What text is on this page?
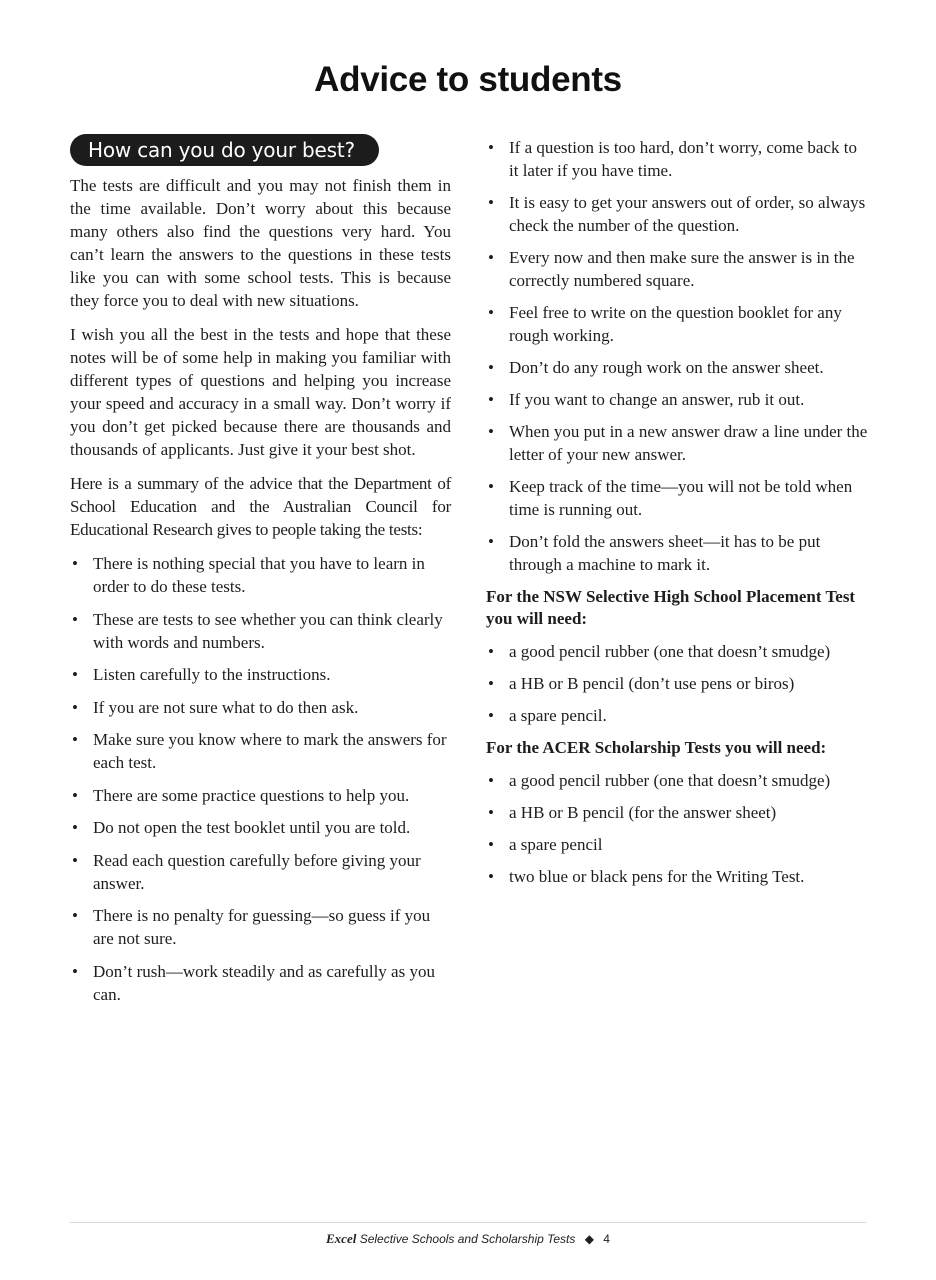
Advice to students
How can you do your best?

The tests are difficult and you may not finish them in the time available. Don’t worry about this because many others also find the questions very hard. You can’t learn the answers to the questions in these tests like you can with some school tests. This is because they force you to deal with new situations.

I wish you all the best in the tests and hope that these notes will be of some help in making you familiar with different types of questions and helping you increase your speed and accuracy in a small way. Don’t worry if you don’t get picked because there are thousands and thousands of applicants. Just give it your best shot.

Here is a summary of the advice that the Department of School Education and the Australian Council for Educational Research gives to people taking the tests:

• There is nothing special that you have to learn in order to do these tests.
• These are tests to see whether you can think clearly with words and numbers.
• Listen carefully to the instructions.
• If you are not sure what to do then ask.
• Make sure you know where to mark the answers for each test.
• There are some practice questions to help you.
• Do not open the test booklet until you are told.
• Read each question carefully before giving your answer.
• There is no penalty for guessing—so guess if you are not sure.
• Don’t rush—work steadily and as carefully as you can.
• If a question is too hard, don’t worry, come back to it later if you have time.
• It is easy to get your answers out of order, so always check the number of the question.
• Every now and then make sure the answer is in the correctly numbered square.
• Feel free to write on the question booklet for any rough working.
• Don’t do any rough work on the answer sheet.
• If you want to change an answer, rub it out.
• When you put in a new answer draw a line under the letter of your new answer.
• Keep track of the time—you will not be told when time is running out.
• Don’t fold the answers sheet—it has to be put through a machine to mark it.
For the NSW Selective High School Placement Test you will need:
• a good pencil rubber (one that doesn’t smudge)
• a HB or B pencil (don’t use pens or biros)
• a spare pencil.
For the ACER Scholarship Tests you will need:
• a good pencil rubber (one that doesn’t smudge)
• a HB or B pencil (for the answer sheet)
• a spare pencil
• two blue or black pens for the Writing Test.
Excel Selective Schools and Scholarship Tests ◆ 4
